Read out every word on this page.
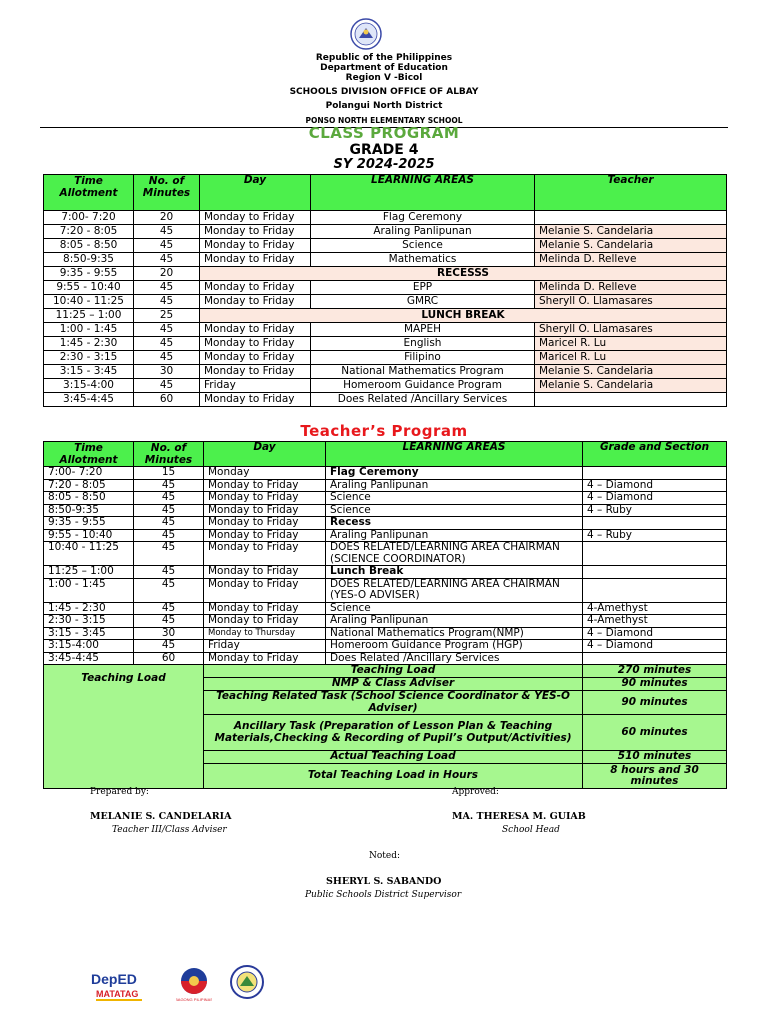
Republic of the Philippines
Department of Education
Region V -Bicol
SCHOOLS DIVISION OFFICE OF ALBAY
Polangui North District
PONSO NORTH ELEMENTARY SCHOOL
CLASS PROGRAM
GRADE 4
SY 2024-2025
Time Allotment	No. of Minutes	Day	LEARNING AREAS	Teacher
7:00- 7:20	20	Monday to Friday	Flag Ceremony	
7:20 - 8:05	45	Monday to Friday	Araling Panlipunan	Melanie S. Candelaria
8:05 - 8:50	45	Monday to Friday	Science	Melanie S. Candelaria
8:50-9:35	45	Monday to Friday	Mathematics	Melinda D. Relleve
9:35 - 9:55	20	RECESSS		
9:55 - 10:40	45	Monday to Friday	EPP	Melinda D. Relleve
10:40 - 11:25	45	Monday to Friday	GMRC	Sheryll O. Llamasares
11:25 – 1:00	25	LUNCH BREAK		
1:00 - 1:45	45	Monday to Friday	MAPEH	Sheryll O. Llamasares
1:45 - 2:30	45	Monday to Friday	English	Maricel R. Lu
2:30 - 3:15	45	Monday to Friday	Filipino	Maricel R. Lu
3:15 - 3:45	30	Monday to Friday	National Mathematics Program	Melanie S. Candelaria
3:15-4:00	45	Friday	Homeroom Guidance Program	Melanie S. Candelaria
3:45-4:45	60	Monday to Friday	Does Related /Ancillary Services	
Teacher’s Program
Time Allotment	No. of Minutes	Day	LEARNING AREAS	Grade and Section
7:00- 7:20	15	Monday	Flag Ceremony	
7:20 - 8:05	45	Monday to Friday	Araling Panlipunan	4 – Diamond
8:05 - 8:50	45	Monday to Friday	Science	4 – Diamond
8:50-9:35	45	Monday to Friday	Science	4 – Ruby
9:35 - 9:55	45	Monday to Friday	Recess	
9:55 - 10:40	45	Monday to Friday	Araling Panlipunan	4 – Ruby
10:40 - 11:25	45	Monday to Friday	DOES RELATED/LEARNING AREA CHAIRMAN (SCIENCE COORDINATOR)	
11:25 – 1:00	45	Monday to Friday	Lunch Break	
1:00 - 1:45	45	Monday to Friday	DOES RELATED/LEARNING AREA CHAIRMAN (YES-O ADVISER)	
1:45 - 2:30	45	Monday to Friday	Science	4-Amethyst
2:30 - 3:15	45	Monday to Friday	Araling Panlipunan	4-Amethyst
3:15 - 3:45	30	Monday to Thursday	National Mathematics Program(NMP)	4 – Diamond
3:15-4:00	45	Friday	Homeroom Guidance Program (HGP)	4 – Diamond
3:45-4:45	60	Monday to Friday	Does Related /Ancillary Services	
Teaching Load		Teaching Load		270 minutes
		NMP & Class Adviser		90 minutes
		Teaching Related Task (School Science Coordinator & YES-O Adviser)		90 minutes
		Ancillary Task (Preparation of Lesson Plan & Teaching Materials,Checking & Recording of Pupil’s Output/Activities)		60 minutes
		Actual Teaching Load		510 minutes
		Total Teaching Load in Hours		8 hours and 30 minutes
Prepared by:
MELANIE S. CANDELARIA
Teacher III/Class Adviser
Approved:
MA. THERESA M. GUIAB
School Head
Noted:
SHERYL S. SABANDO
Public Schools District Supervisor
DepED
MATATAG
BAGONG PILIPINAS
